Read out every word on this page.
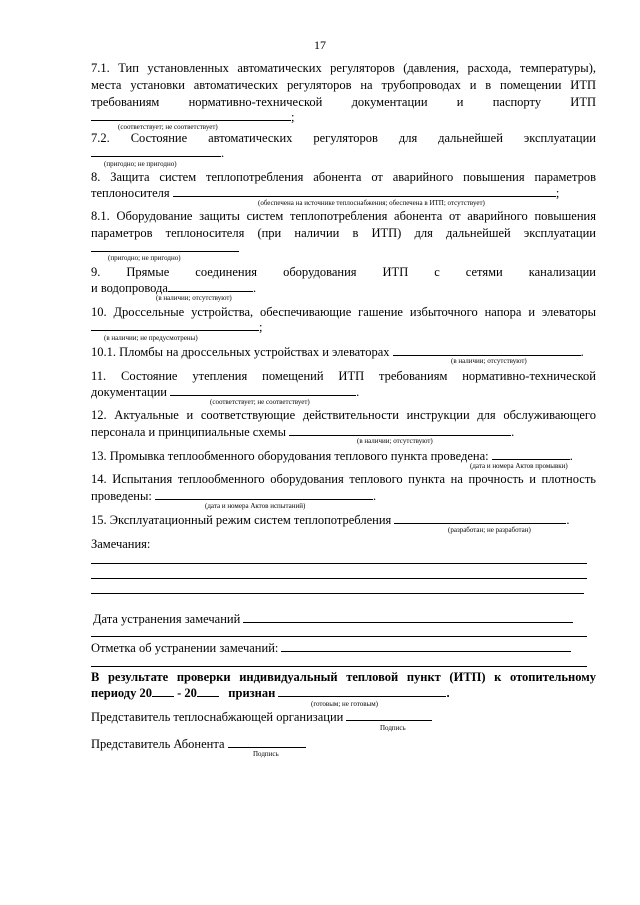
17
7.1. Тип установленных автоматических регуляторов (давления, расхода, температуры),
места установки автоматических регуляторов на трубопроводах и в помещении ИТП
требованиям нормативно-технической документации и паспорту ИТП
;
(соответствует; не соответствует)
7.2. Состояние автоматических регуляторов для дальнейшей эксплуатации
.
(пригодно; не пригодно)
8. Защита систем теплопотребления абонента от аварийного повышения параметров
теплоносителя	;
(обеспечена на источнике теплоснабжения; обеспечена в ИТП; отсутствует)
8.1. Оборудование защиты систем теплопотребления абонента от аварийного повышения
параметров теплоносителя (при наличии в ИТП) для дальнейшей эксплуатации
(пригодно; не пригодно)
9. Прямые соединения оборудования ИТП с сетями канализации
и водопровода	.
(в наличии; отсутствуют)
10. Дроссельные устройства, обеспечивающие гашение избыточного напора и элеваторы
;
(в наличии; не предусмотрены)
10.1. Пломбы на дроссельных устройствах и элеваторах	.
(в наличии; отсутствуют)
11. Состояние утепления помещений ИТП требованиям нормативно-технической
документации	.
(соответствует; не соответствует)
12. Актуальные и соответствующие действительности инструкции для обслуживающего
персонала и принципиальные схемы	.
(в наличии; отсутствуют)
13. Промывка теплообменного оборудования теплового пункта проведена:	.
(дата и номера Актов промывки)
14. Испытания теплообменного оборудования теплового пункта на прочность и плотность
проведены:	.
(дата и номера Актов испытаний)
15. Эксплуатационный режим систем теплопотребления	.
(разработан; не разработан)
Замечания:
Дата устранения замечаний
Отметка об устранении замечаний:
В результате проверки индивидуальный тепловой пункт (ИТП) к отопительному
периоду 20 - 20	признан	.
(готовым; не готовым)
Представитель теплоснабжающей организации
Подпись
Представитель Абонента
Подпись
